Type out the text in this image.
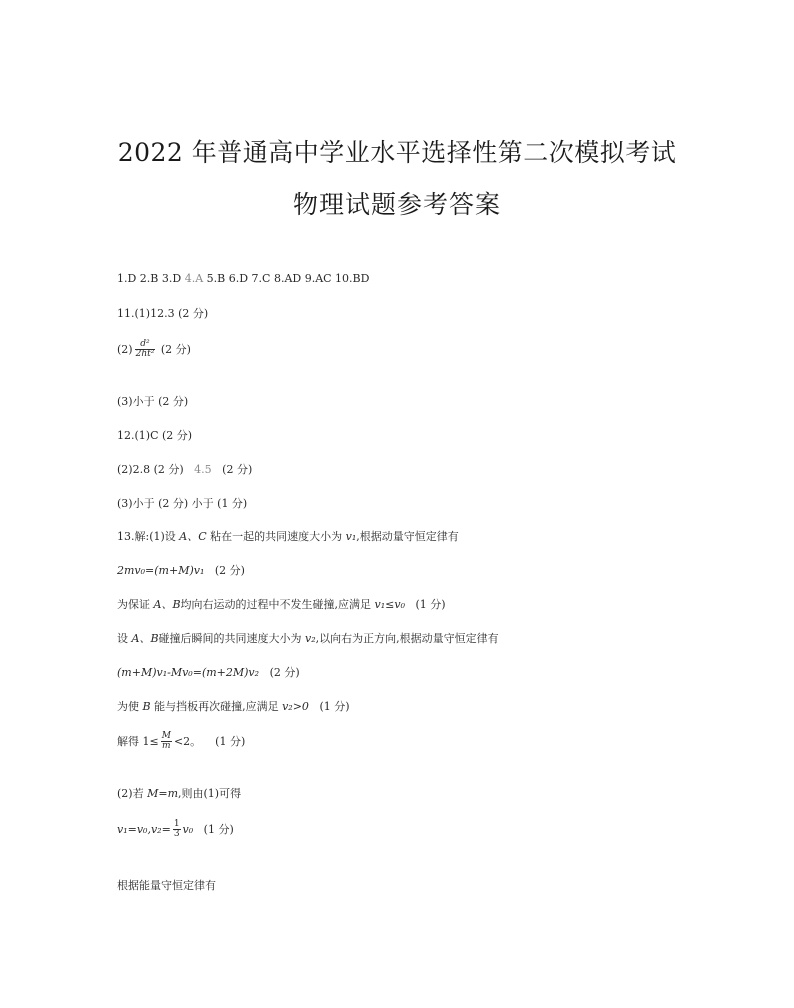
2022 年普通高中学业水平选择性第二次模拟考试
物理试题参考答案
1.D 2.B 3.D 4.A 5.B 6.D 7.C 8.AD 9.AC 10.BD
11.(1)12.3 (2 分)
$(2) \frac{\text{d²}}{\text{2ht²}} (2$ 分)
(3)小于 (2 分)
12.(1)C (2 分)
(2)2.8 (2 分) 4.5 (2 分)
(3)小于 (2 分) 小于 (1 分)
13.解:(1)设 A、C 粘在一起的共同速度大小为 v₁,根据动量守恒定律有
2mv₀=(m+M)v₁ (2 分)
为保证 A、B均向右运动的过程中不发生碰撞,应满足 v₁≤v₀ (1 分)
设 A、B碰撞后瞬间的共同速度大小为 v₂,以向右为正方向,根据动量守恒定律有
(m+M)v₁-Mv₀=(m+2M)v₂ (2 分)
为使 B 能与挡板再次碰撞,应满足 v₂>0 (1 分)
解得 $1\le \frac{M}{m} <2$。 (1 分)
(2)若 M=m,则由(1)可得
$v_1=v_0,v_2= \frac{1}{3} v_0$ (1 分)
根据能量守恒定律有
